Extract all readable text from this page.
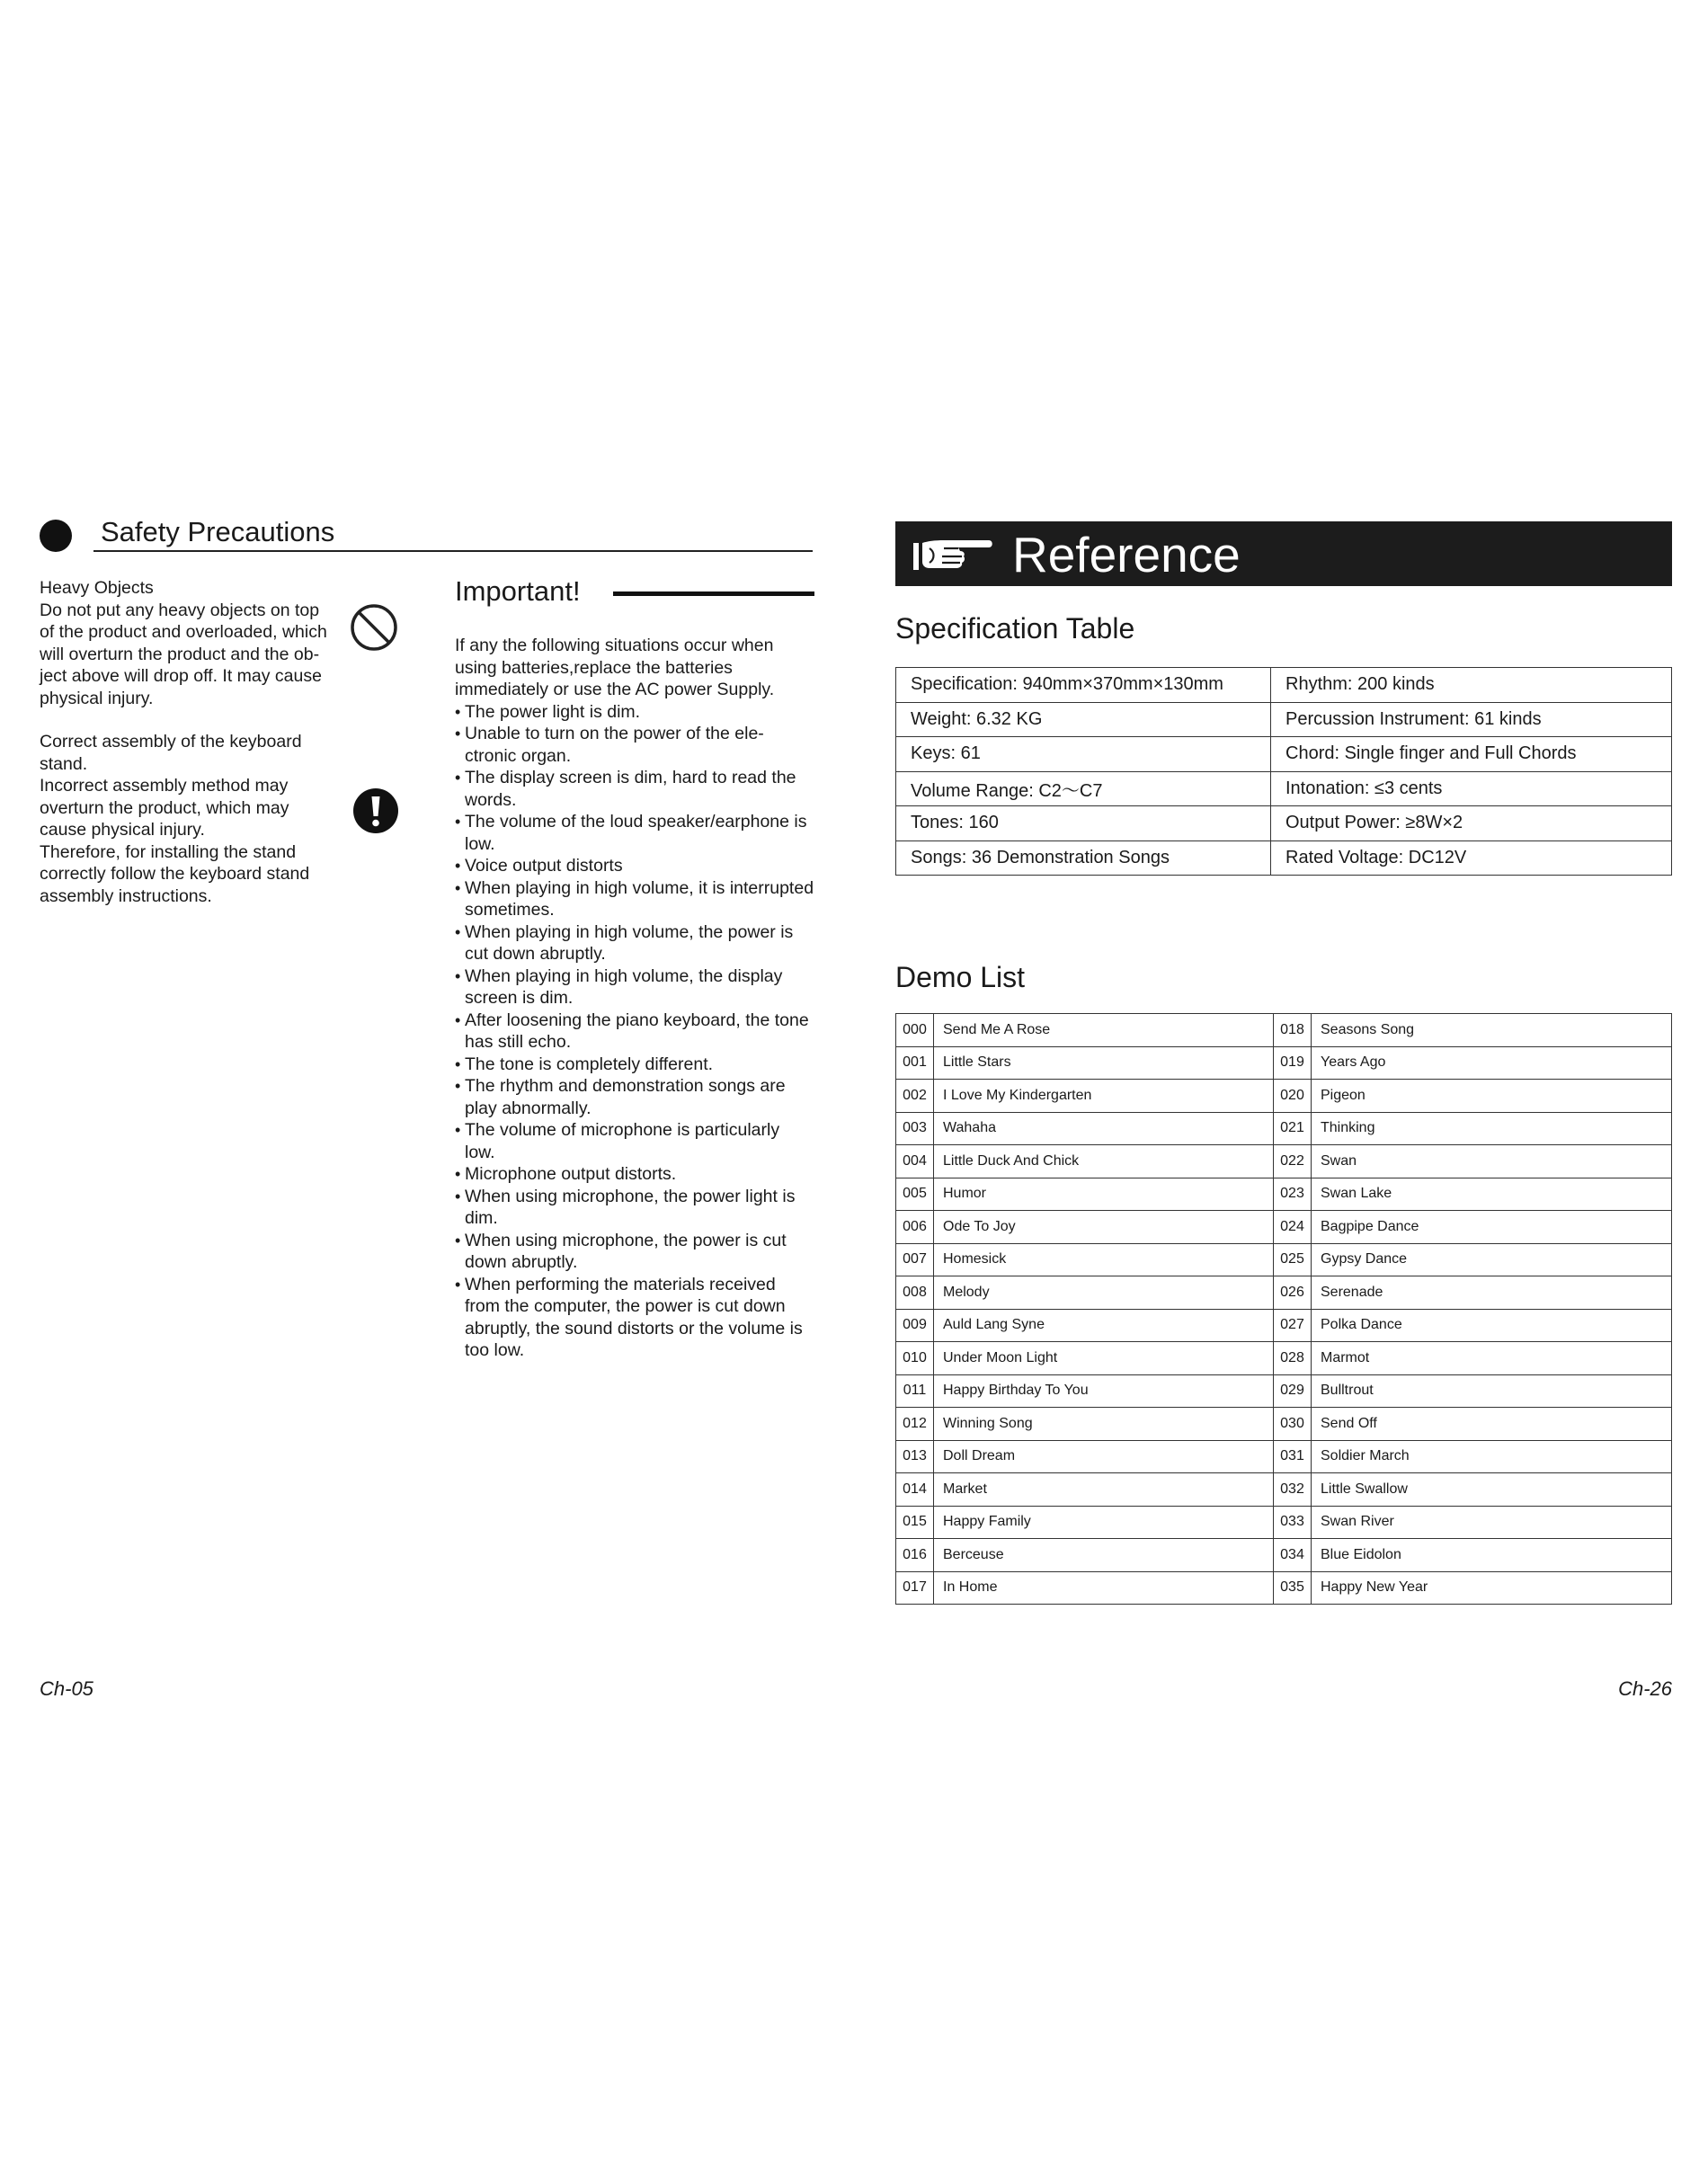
Safety Precautions

Heavy Objects

Do not put any heavy objects on top

of the product and overloaded, which

will overturn the product and the ob-

ject above will drop off. It may cause

physical injury.

Correct assembly of the keyboard

stand.

Incorrect assembly method may

overturn the product, which may

cause physical injury.

Therefore, for installing the stand

correctly follow the keyboard stand

assembly instructions.

Important!

If any the following situations occur when

using batteries,replace the batteries

immediately or use the AC power Supply.

• The power light is dim.
• Unable to turn on the power of the ele-ctronic organ.
• The display screen is dim, hard to read the words.
• The volume of the loud speaker/earphone is low.
• Voice output distorts
• When playing in high volume, it is interrupted sometimes.
• When playing in high volume, the power is cut down abruptly.
• When playing in high volume, the display screen is dim.
• After loosening the piano keyboard, the tone has still echo.
• The tone is completely different.
• The rhythm and demonstration songs are play abnormally.
• The volume of microphone is particularly low.
• Microphone output distorts.
• When using microphone, the power light is dim.
• When using microphone, the power is cut down abruptly.
• When performing the materials received from the computer, the power is cut down abruptly, the sound distorts or the volume is too low.
Ch-05
Reference
Specification Table
Specification: 940mm×370mm×130mm	Rhythm: 200 kinds
Weight: 6.32 KG	Percussion Instrument: 61 kinds
Keys: 61	Chord: Single finger and Full Chords
Volume Range: C2～C7	Intonation: ≤3 cents
Tones: 160	Output Power: ≥8W×2
Songs: 36 Demonstration Songs	Rated Voltage: DC12V
Demo List
000	Send Me A Rose	018	Seasons Song
001	Little Stars	019	Years Ago
002	I Love My Kindergarten	020	Pigeon
003	Wahaha	021	Thinking
004	Little Duck And Chick	022	Swan
005	Humor	023	Swan Lake
006	Ode To Joy	024	Bagpipe Dance
007	Homesick	025	Gypsy Dance
008	Melody	026	Serenade
009	Auld Lang Syne	027	Polka Dance
010	Under Moon Light	028	Marmot
011	Happy Birthday To You	029	Bulltrout
012	Winning Song	030	Send Off
013	Doll Dream	031	Soldier March
014	Market	032	Little Swallow
015	Happy Family	033	Swan River
016	Berceuse	034	Blue Eidolon
017	In Home	035	Happy New Year
Ch-26
